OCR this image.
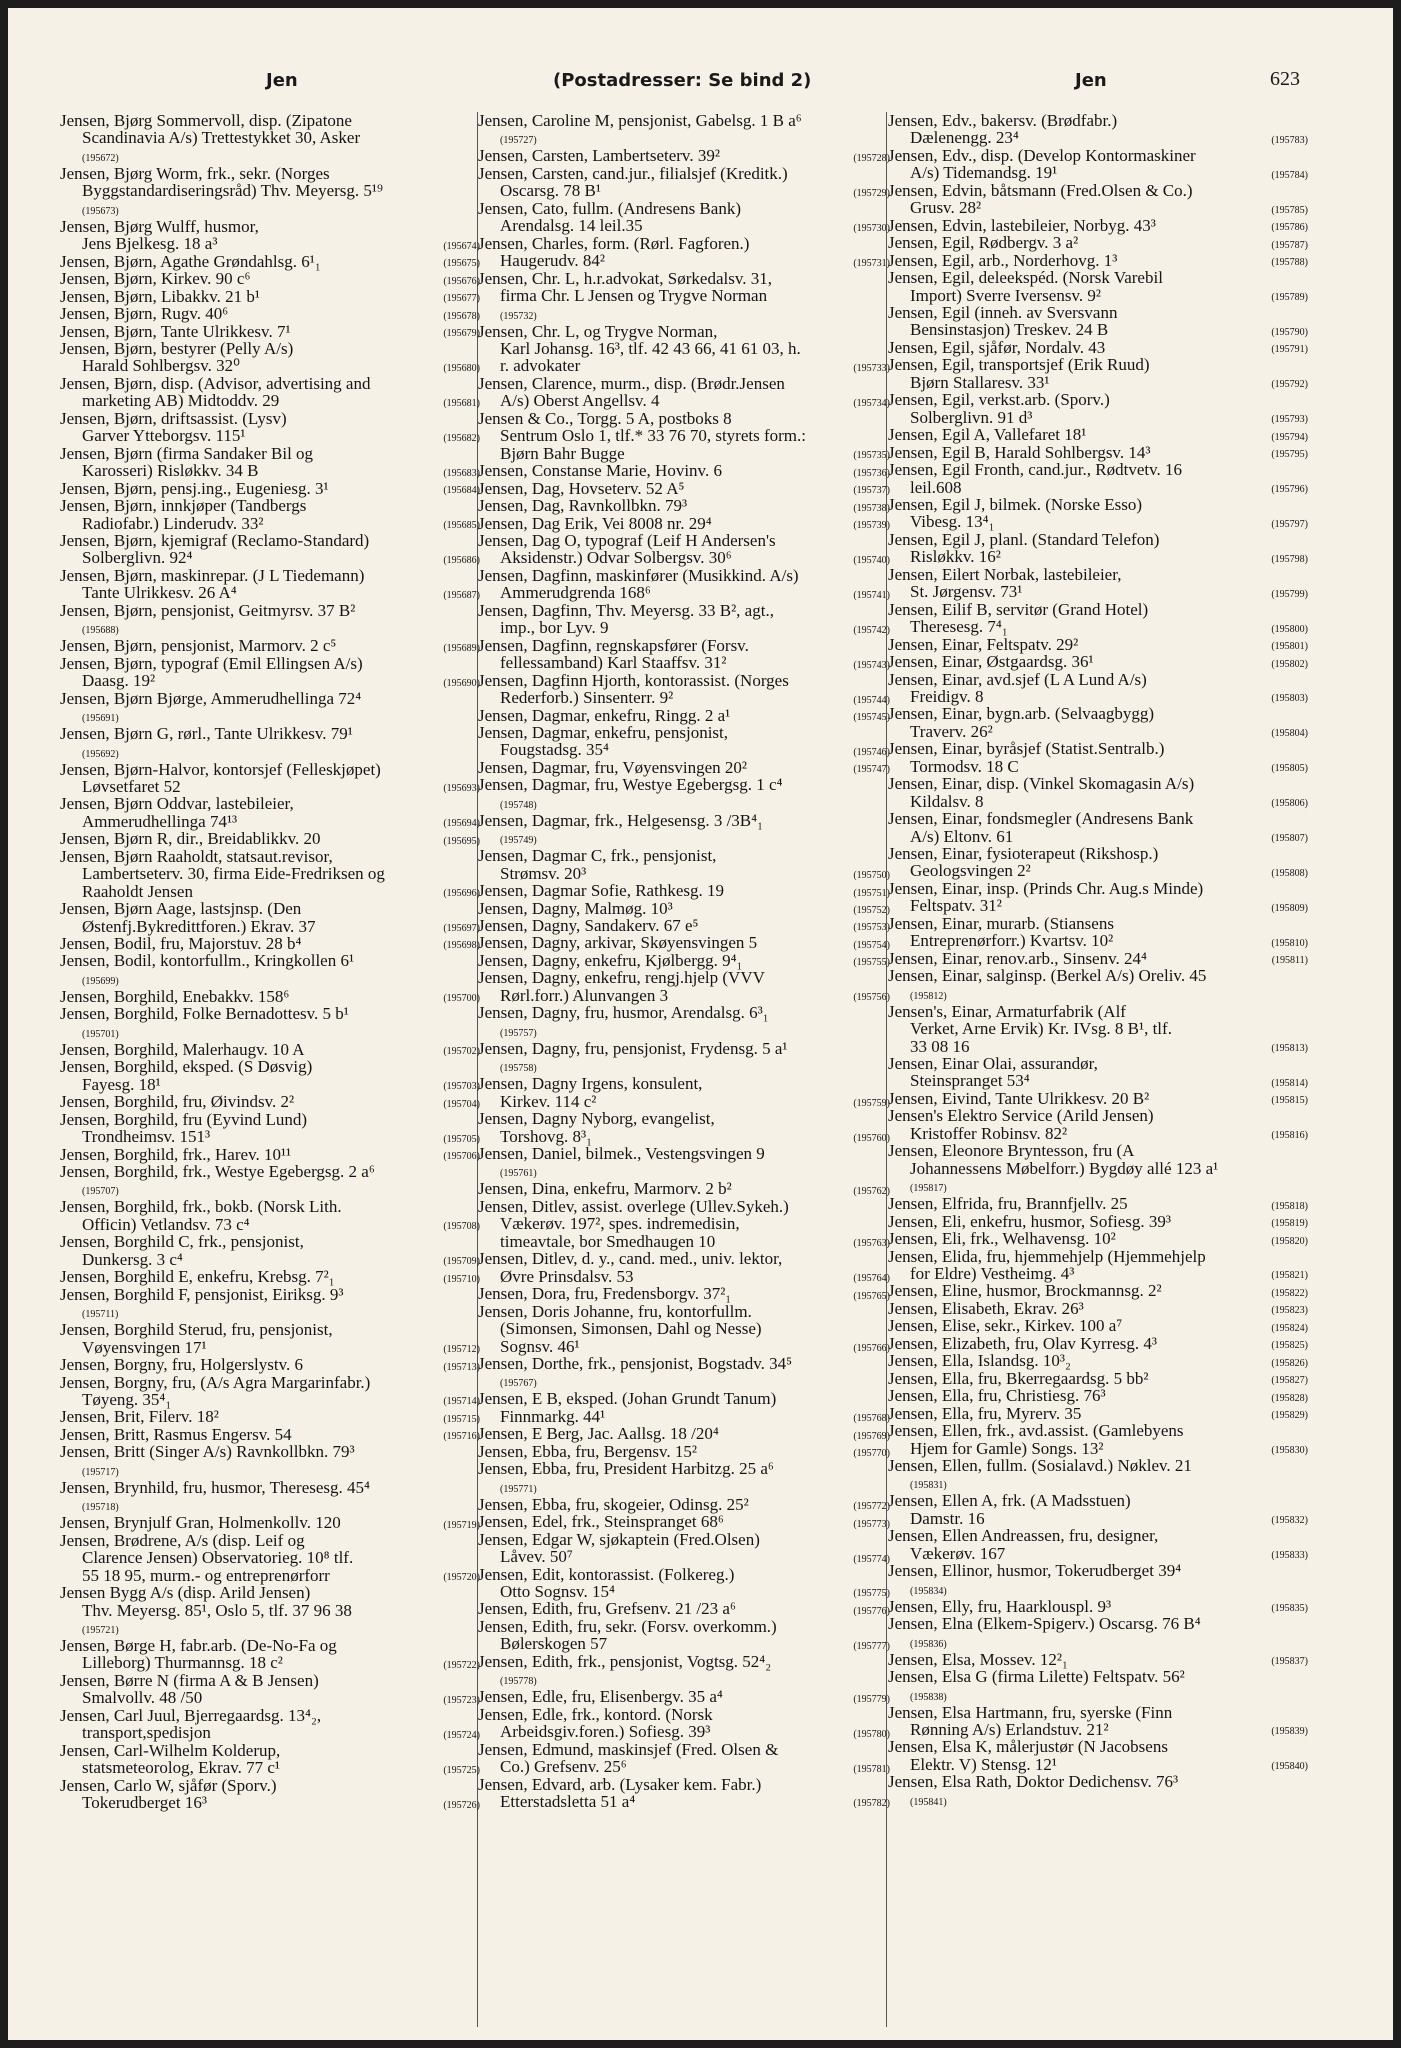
Jen	(Postadresser: Se bind 2)	Jen	623
Jensen, Bjørg Sommervoll, disp. (Zipatone
Scandinavia A/s) Trettestykket 30, Asker
(195672)
Jensen, Bjørg Worm, frk., sekr. (Norges
Byggstandardiseringsråd) Thv. Meyersg. 5¹⁹
(195673)
Jensen, Bjørg Wulff, husmor,
Jens Bjelkesg. 18 a³	(195674)
Jensen, Bjørn, Agathe Grøndahlsg. 6¹₁	(195675)
Jensen, Bjørn, Kirkev. 90 c⁶	(195676)
Jensen, Bjørn, Libakkv. 21 b¹	(195677)
Jensen, Bjørn, Rugv. 40⁶	(195678)
Jensen, Bjørn, Tante Ulrikkesv. 7¹	(195679)
Jensen, Bjørn, bestyrer (Pelly A/s)
Harald Sohlbergsv. 32⁰	(195680)
Jensen, Bjørn, disp. (Advisor, advertising and
marketing AB) Midtoddv. 29	(195681)
Jensen, Bjørn, driftsassist. (Lysv)
Garver Ytteborgsv. 115¹	(195682)
Jensen, Bjørn (firma Sandaker Bil og
Karosseri) Risløkkv. 34 B	(195683)
Jensen, Bjørn, pensj.ing., Eugeniesg. 3¹	(195684)
Jensen, Bjørn, innkjøper (Tandbergs
Radiofabr.) Linderudv. 33²	(195685)
Jensen, Bjørn, kjemigraf (Reclamo-Standard)
Solberglivn. 92⁴	(195686)
Jensen, Bjørn, maskinrepar. (J L Tiedemann)
Tante Ulrikkesv. 26 A⁴	(195687)
Jensen, Bjørn, pensjonist, Geitmyrsv. 37 B²
(195688)
Jensen, Bjørn, pensjonist, Marmorv. 2 c⁵	(195689)
Jensen, Bjørn, typograf (Emil Ellingsen A/s)
Daasg. 19²	(195690)
Jensen, Bjørn Bjørge, Ammerudhellinga 72⁴
(195691)
Jensen, Bjørn G, rørl., Tante Ulrikkesv. 79¹
(195692)
Jensen, Bjørn-Halvor, kontorsjef (Felleskjøpet)
Løvsetfaret 52	(195693)
Jensen, Bjørn Oddvar, lastebileier,
Ammerudhellinga 74¹³	(195694)
Jensen, Bjørn R, dir., Breidablikkv. 20	(195695)
Jensen, Bjørn Raaholdt, statsaut.revisor,
Lambertseterv. 30, firma Eide-Fredriksen og
Raaholdt Jensen	(195696)
Jensen, Bjørn Aage, lastsjnsp. (Den
Østenfj.Bykredittforen.) Ekrav. 37	(195697)
Jensen, Bodil, fru, Majorstuv. 28 b⁴	(195698)
Jensen, Bodil, kontorfullm., Kringkollen 6¹
(195699)
Jensen, Borghild, Enebakkv. 158⁶	(195700)
Jensen, Borghild, Folke Bernadottesv. 5 b¹
(195701)
Jensen, Borghild, Malerhaugv. 10 A	(195702)
Jensen, Borghild, eksped. (S Døsvig)
Fayesg. 18¹	(195703)
Jensen, Borghild, fru, Øivindsv. 2²	(195704)
Jensen, Borghild, fru (Eyvind Lund)
Trondheimsv. 151³	(195705)
Jensen, Borghild, frk., Harev. 10¹¹	(195706)
Jensen, Borghild, frk., Westye Egebergsg. 2 a⁶
(195707)
Jensen, Borghild, frk., bokb. (Norsk Lith.
Officin) Vetlandsv. 73 c⁴	(195708)
Jensen, Borghild C, frk., pensjonist,
Dunkersg. 3 c⁴	(195709)
Jensen, Borghild E, enkefru, Krebsg. 7²₁	(195710)
Jensen, Borghild F, pensjonist, Eiriksg. 9³
(195711)
Jensen, Borghild Sterud, fru, pensjonist,
Vøyensvingen 17¹	(195712)
Jensen, Borgny, fru, Holgerslystv. 6	(195713)
Jensen, Borgny, fru, (A/s Agra Margarinfabr.)
Tøyeng. 35⁴₁	(195714)
Jensen, Brit, Filerv. 18²	(195715)
Jensen, Britt, Rasmus Engersv. 54	(195716)
Jensen, Britt (Singer A/s) Ravnkollbkn. 79³
(195717)
Jensen, Brynhild, fru, husmor, Theresesg. 45⁴
(195718)
Jensen, Brynjulf Gran, Holmenkollv. 120	(195719)
Jensen, Brødrene, A/s (disp. Leif og
Clarence Jensen) Observatorieg. 10⁸ tlf.
55 18 95, murm.- og entreprenørforr	(195720)
Jensen Bygg A/s (disp. Arild Jensen)
Thv. Meyersg. 85¹, Oslo 5, tlf. 37 96 38
(195721)
Jensen, Børge H, fabr.arb. (De-No-Fa og
Lilleborg) Thurmannsg. 18 c²	(195722)
Jensen, Børre N (firma A & B Jensen)
Smalvollv. 48 /50	(195723)
Jensen, Carl Juul, Bjerregaardsg. 13⁴₂,
transport,spedisjon	(195724)
Jensen, Carl-Wilhelm Kolderup,
statsmeteorolog, Ekrav. 77 c¹	(195725)
Jensen, Carlo W, sjåfør (Sporv.)
Tokerudberget 16³	(195726)
Jensen, Caroline M, pensjonist, Gabelsg. 1 B a⁶
(195727)
Jensen, Carsten, Lambertseterv. 39²	(195728)
Jensen, Carsten, cand.jur., filialsjef (Kreditk.)
Oscarsg. 78 B¹	(195729)
Jensen, Cato, fullm. (Andresens Bank)
Arendalsg. 14 leil.35	(195730)
Jensen, Charles, form. (Rørl. Fagforen.)
Haugerudv. 84²	(195731)
Jensen, Chr. L, h.r.advokat, Sørkedalsv. 31,
firma Chr. L Jensen og Trygve Norman
(195732)
Jensen, Chr. L, og Trygve Norman,
Karl Johansg. 16³, tlf. 42 43 66, 41 61 03, h.
r. advokater	(195733)
Jensen, Clarence, murm., disp. (Brødr.Jensen
A/s) Oberst Angellsv. 4	(195734)
Jensen & Co., Torgg. 5 A, postboks 8
Sentrum Oslo 1, tlf.* 33 76 70, styrets form.:
Bjørn Bahr Bugge	(195735)
Jensen, Constanse Marie, Hovinv. 6	(195736)
Jensen, Dag, Hovseterv. 52 A⁵	(195737)
Jensen, Dag, Ravnkollbkn. 79³	(195738)
Jensen, Dag Erik, Vei 8008 nr. 29⁴	(195739)
Jensen, Dag O, typograf (Leif H Andersen's
Aksidenstr.) Odvar Solbergsv. 30⁶	(195740)
Jensen, Dagfinn, maskinfører (Musikkind. A/s)
Ammerudgrenda 168⁶	(195741)
Jensen, Dagfinn, Thv. Meyersg. 33 B², agt.,
imp., bor Lyv. 9	(195742)
Jensen, Dagfinn, regnskapsfører (Forsv.
fellessamband) Karl Staaffsv. 31²	(195743)
Jensen, Dagfinn Hjorth, kontorassist. (Norges
Rederforb.) Sinsenterr. 9²	(195744)
Jensen, Dagmar, enkefru, Ringg. 2 a¹	(195745)
Jensen, Dagmar, enkefru, pensjonist,
Fougstadsg. 35⁴	(195746)
Jensen, Dagmar, fru, Vøyensvingen 20²	(195747)
Jensen, Dagmar, fru, Westye Egebergsg. 1 c⁴
(195748)
Jensen, Dagmar, frk., Helgesensg. 3 /3B⁴₁
(195749)
Jensen, Dagmar C, frk., pensjonist,
Strømsv. 20³	(195750)
Jensen, Dagmar Sofie, Rathkesg. 19	(195751)
Jensen, Dagny, Malmøg. 10³	(195752)
Jensen, Dagny, Sandakerv. 67 e⁵	(195753)
Jensen, Dagny, arkivar, Skøyensvingen 5	(195754)
Jensen, Dagny, enkefru, Kjølbergg. 9⁴₁	(195755)
Jensen, Dagny, enkefru, rengj.hjelp (VVV
Rørl.forr.) Alunvangen 3	(195756)
Jensen, Dagny, fru, husmor, Arendalsg. 6³₁
(195757)
Jensen, Dagny, fru, pensjonist, Frydensg. 5 a¹
(195758)
Jensen, Dagny Irgens, konsulent,
Kirkev. 114 c²	(195759)
Jensen, Dagny Nyborg, evangelist,
Torshovg. 8³₁	(195760)
Jensen, Daniel, bilmek., Vestengsvingen 9
(195761)
Jensen, Dina, enkefru, Marmorv. 2 b²	(195762)
Jensen, Ditlev, assist. overlege (Ullev.Sykeh.)
Vækerøv. 197², spes. indremedisin,
timeavtale, bor Smedhaugen 10	(195763)
Jensen, Ditlev, d. y., cand. med., univ. lektor,
Øvre Prinsdalsv. 53	(195764)
Jensen, Dora, fru, Fredensborgv. 37²₁	(195765)
Jensen, Doris Johanne, fru, kontorfullm.
(Simonsen, Simonsen, Dahl og Nesse)
Sognsv. 46¹	(195766)
Jensen, Dorthe, frk., pensjonist, Bogstadv. 34⁵
(195767)
Jensen, E B, eksped. (Johan Grundt Tanum)
Finnmarkg. 44¹	(195768)
Jensen, E Berg, Jac. Aallsg. 18 /20⁴	(195769)
Jensen, Ebba, fru, Bergensv. 15²	(195770)
Jensen, Ebba, fru, President Harbitzg. 25 a⁶
(195771)
Jensen, Ebba, fru, skogeier, Odinsg. 25²	(195772)
Jensen, Edel, frk., Steinspranget 68⁶	(195773)
Jensen, Edgar W, sjøkaptein (Fred.Olsen)
Låvev. 50⁷	(195774)
Jensen, Edit, kontorassist. (Folkereg.)
Otto Sognsv. 15⁴	(195775)
Jensen, Edith, fru, Grefsenv. 21 /23 a⁶	(195776)
Jensen, Edith, fru, sekr. (Forsv. overkomm.)
Bølerskogen 57	(195777)
Jensen, Edith, frk., pensjonist, Vogtsg. 52⁴₂
(195778)
Jensen, Edle, fru, Elisenbergv. 35 a⁴	(195779)
Jensen, Edle, frk., kontord. (Norsk
Arbeidsgiv.foren.) Sofiesg. 39³	(195780)
Jensen, Edmund, maskinsjef (Fred. Olsen &
Co.) Grefsenv. 25⁶	(195781)
Jensen, Edvard, arb. (Lysaker kem. Fabr.)
Etterstadsletta 51 a⁴	(195782)
Jensen, Edv., bakersv. (Brødfabr.)
Dælenengg. 23⁴	(195783)
Jensen, Edv., disp. (Develop Kontormaskiner
A/s) Tidemandsg. 19¹	(195784)
Jensen, Edvin, båtsmann (Fred.Olsen & Co.)
Grusv. 28²	(195785)
Jensen, Edvin, lastebileier, Norbyg. 43³	(195786)
Jensen, Egil, Rødbergv. 3 a²	(195787)
Jensen, Egil, arb., Norderhovg. 1³	(195788)
Jensen, Egil, deleekspéd. (Norsk Varebil
Import) Sverre Iversensv. 9²	(195789)
Jensen, Egil (inneh. av Sversvann
Bensinstasjon) Treskev. 24 B	(195790)
Jensen, Egil, sjåfør, Nordalv. 43	(195791)
Jensen, Egil, transportsjef (Erik Ruud)
Bjørn Stallaresv. 33¹	(195792)
Jensen, Egil, verkst.arb. (Sporv.)
Solberglivn. 91 d³	(195793)
Jensen, Egil A, Vallefaret 18¹	(195794)
Jensen, Egil B, Harald Sohlbergsv. 14³	(195795)
Jensen, Egil Fronth, cand.jur., Rødtvetv. 16
leil.608	(195796)
Jensen, Egil J, bilmek. (Norske Esso)
Vibesg. 13⁴₁	(195797)
Jensen, Egil J, planl. (Standard Telefon)
Risløkkv. 16²	(195798)
Jensen, Eilert Norbak, lastebileier,
St. Jørgensv. 73¹	(195799)
Jensen, Eilif B, servitør (Grand Hotel)
Theresesg. 7⁴₁	(195800)
Jensen, Einar, Feltspatv. 29²	(195801)
Jensen, Einar, Østgaardsg. 36¹	(195802)
Jensen, Einar, avd.sjef (L A Lund A/s)
Freidigv. 8	(195803)
Jensen, Einar, bygn.arb. (Selvaagbygg)
Traverv. 26²	(195804)
Jensen, Einar, byråsjef (Statist.Sentralb.)
Tormodsv. 18 C	(195805)
Jensen, Einar, disp. (Vinkel Skomagasin A/s)
Kildalsv. 8	(195806)
Jensen, Einar, fondsmegler (Andresens Bank
A/s) Eltonv. 61	(195807)
Jensen, Einar, fysioterapeut (Rikshosp.)
Geologsvingen 2²	(195808)
Jensen, Einar, insp. (Prinds Chr. Aug.s Minde)
Feltspatv. 31²	(195809)
Jensen, Einar, murarb. (Stiansens
Entreprenørforr.) Kvartsv. 10²	(195810)
Jensen, Einar, renov.arb., Sinsenv. 24⁴	(195811)
Jensen, Einar, salginsp. (Berkel A/s) Oreliv. 45
(195812)
Jensen's, Einar, Armaturfabrik (Alf
Verket, Arne Ervik) Kr. IVsg. 8 B¹, tlf.
33 08 16	(195813)
Jensen, Einar Olai, assurandør,
Steinspranget 53⁴	(195814)
Jensen, Eivind, Tante Ulrikkesv. 20 B²	(195815)
Jensen's Elektro Service (Arild Jensen)
Kristoffer Robinsv. 82²	(195816)
Jensen, Eleonore Bryntesson, fru (A
Johannessens Møbelforr.) Bygdøy allé 123 a¹
(195817)
Jensen, Elfrida, fru, Brannfjellv. 25	(195818)
Jensen, Eli, enkefru, husmor, Sofiesg. 39³	(195819)
Jensen, Eli, frk., Welhavensg. 10²	(195820)
Jensen, Elida, fru, hjemmehjelp (Hjemmehjelp
for Eldre) Vestheimg. 4³	(195821)
Jensen, Eline, husmor, Brockmannsg. 2²	(195822)
Jensen, Elisabeth, Ekrav. 26³	(195823)
Jensen, Elise, sekr., Kirkev. 100 a⁷	(195824)
Jensen, Elizabeth, fru, Olav Kyrresg. 4³	(195825)
Jensen, Ella, Islandsg. 10³₂	(195826)
Jensen, Ella, fru, Bkerregaardsg. 5 bb²	(195827)
Jensen, Ella, fru, Christiesg. 76³	(195828)
Jensen, Ella, fru, Myrerv. 35	(195829)
Jensen, Ellen, frk., avd.assist. (Gamlebyens
Hjem for Gamle) Songs. 13²	(195830)
Jensen, Ellen, fullm. (Sosialavd.) Nøklev. 21
(195831)
Jensen, Ellen A, frk. (A Madsstuen)
Damstr. 16	(195832)
Jensen, Ellen Andreassen, fru, designer,
Vækerøv. 167	(195833)
Jensen, Ellinor, husmor, Tokerudberget 39⁴
(195834)
Jensen, Elly, fru, Haarklouspl. 9³	(195835)
Jensen, Elna (Elkem-Spigerv.) Oscarsg. 76 B⁴
(195836)
Jensen, Elsa, Mossev. 12²₁	(195837)
Jensen, Elsa G (firma Lilette) Feltspatv. 56²
(195838)
Jensen, Elsa Hartmann, fru, syerske (Finn
Rønning A/s) Erlandstuv. 21²	(195839)
Jensen, Elsa K, målerjustør (N Jacobsens
Elektr. V) Stensg. 12¹	(195840)
Jensen, Elsa Rath, Doktor Dedichensv. 76³
(195841)
